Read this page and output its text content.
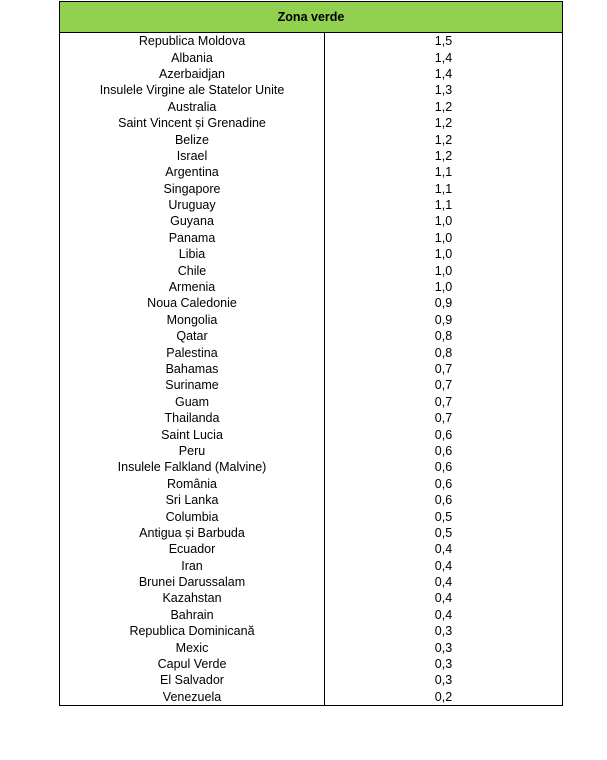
Zona verde	
Republica Moldova	1,5
Albania	1,4
Azerbaidjan	1,4
Insulele Virgine ale Statelor Unite	1,3
Australia	1,2
Saint Vincent și Grenadine	1,2
Belize	1,2
Israel	1,2
Argentina	1,1
Singapore	1,1
Uruguay	1,1
Guyana	1,0
Panama	1,0
Libia	1,0
Chile	1,0
Armenia	1,0
Noua Caledonie	0,9
Mongolia	0,9
Qatar	0,8
Palestina	0,8
Bahamas	0,7
Suriname	0,7
Guam	0,7
Thailanda	0,7
Saint Lucia	0,6
Peru	0,6
Insulele Falkland (Malvine)	0,6
România	0,6
Sri Lanka	0,6
Columbia	0,5
Antigua și Barbuda	0,5
Ecuador	0,4
Iran	0,4
Brunei Darussalam	0,4
Kazahstan	0,4
Bahrain	0,4
Republica Dominicană	0,3
Mexic	0,3
Capul Verde	0,3
El Salvador	0,3
Venezuela	0,2
